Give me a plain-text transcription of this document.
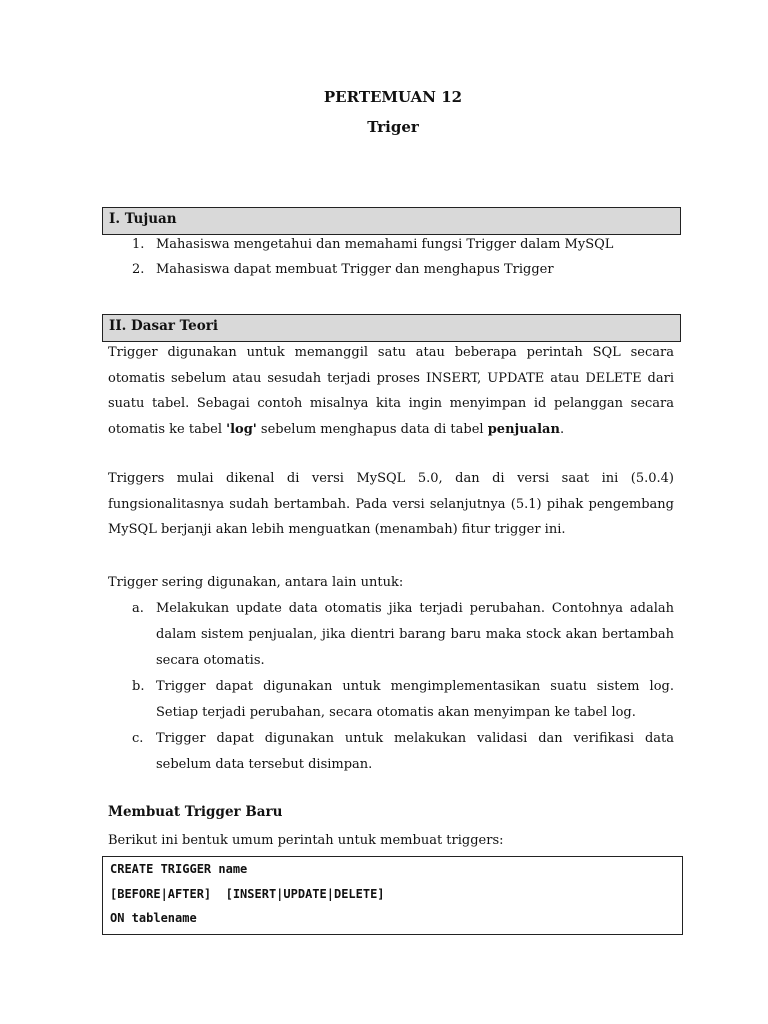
PERTEMUAN 12
Triger
I. Tujuan
1. Mahasiswa mengetahui dan memahami fungsi Trigger dalam MySQL
2. Mahasiswa dapat membuat Trigger dan menghapus Trigger
II. Dasar Teori

Trigger digunakan untuk memanggil satu atau beberapa perintah SQL secara otomatis sebelum atau sesudah terjadi proses INSERT, UPDATE atau DELETE dari suatu tabel. Sebagai contoh misalnya kita ingin menyimpan id pelanggan secara otomatis ke tabel 'log' sebelum menghapus data di tabel penjualan.

Triggers mulai dikenal di versi MySQL 5.0, dan di versi saat ini (5.0.4) fungsionalitasnya sudah bertambah. Pada versi selanjutnya (5.1) pihak pengembang MySQL berjanji akan lebih menguatkan (menambah) fitur trigger ini.

Trigger sering digunakan, antara lain untuk:

a. Melakukan update data otomatis jika terjadi perubahan. Contohnya adalah dalam sistem penjualan, jika dientri barang baru maka stock akan bertambah secara otomatis.
b. Trigger dapat digunakan untuk mengimplementasikan suatu sistem log. Setiap terjadi perubahan, secara otomatis akan menyimpan ke tabel log.
c. Trigger dapat digunakan untuk melakukan validasi dan verifikasi data sebelum data tersebut disimpan.
Membuat Trigger Baru

Berikut ini bentuk umum perintah untuk membuat triggers:

CREATE TRIGGER name
[BEFORE|AFTER]  [INSERT|UPDATE|DELETE]
ON tablename
